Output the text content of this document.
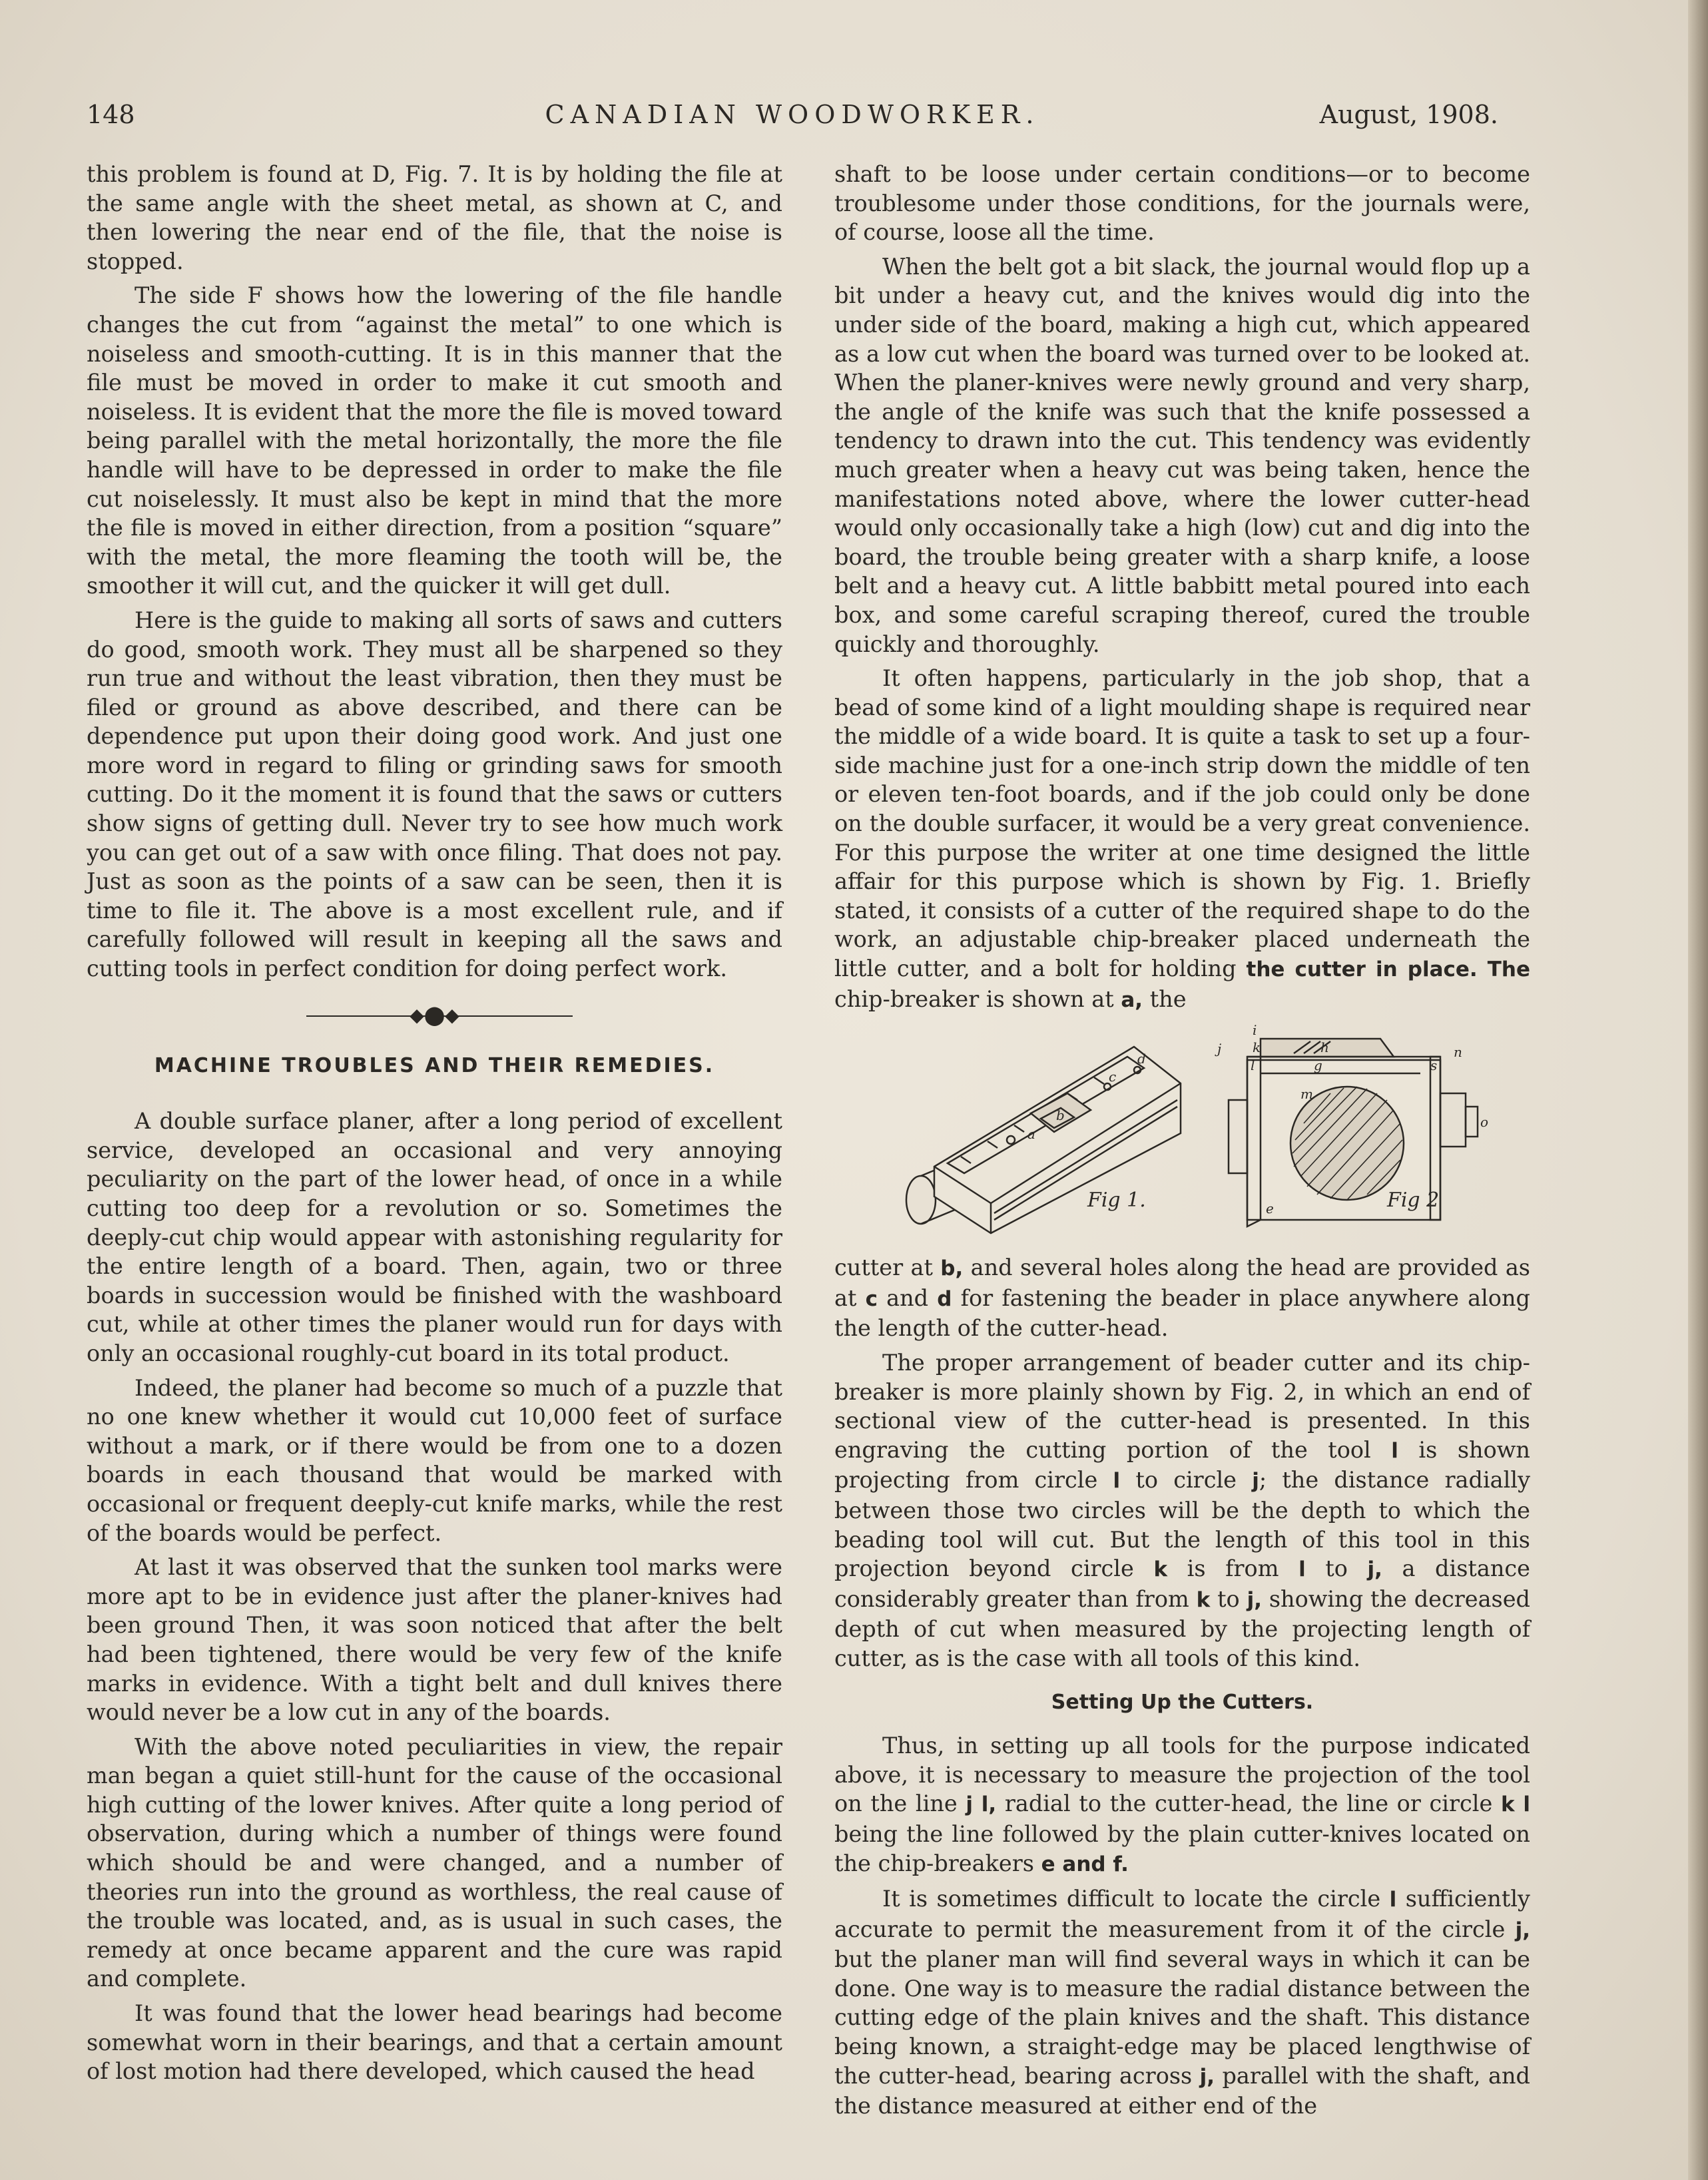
148	CANADIAN WOODWORKER.	August, 1908.

this problem is found at D, Fig. 7. It is by holding the file at the same angle with the sheet metal, as shown at C, and then lowering the near end of the file, that the noise is stopped.

The side F shows how the lowering of the file handle changes the cut from “against the metal” to one which is noiseless and smooth-cutting. It is in this manner that the file must be moved in order to make it cut smooth and noiseless. It is evident that the more the file is moved toward being parallel with the metal horizontally, the more the file handle will have to be depressed in order to make the file cut noiselessly. It must also be kept in mind that the more the file is moved in either direction, from a position “square” with the metal, the more fleaming the tooth will be, the smoother it will cut, and the quicker it will get dull.

Here is the guide to making all sorts of saws and cutters do good, smooth work. They must all be sharpened so they run true and without the least vibration, then they must be filed or ground as above described, and there can be dependence put upon their doing good work. And just one more word in regard to filing or grinding saws for smooth cutting. Do it the moment it is found that the saws or cutters show signs of getting dull. Never try to see how much work you can get out of a saw with once filing. That does not pay. Just as soon as the points of a saw can be seen, then it is time to file it. The above is a most excellent rule, and if carefully followed will result in keeping all the saws and cutting tools in perfect condition for doing perfect work.

◆⬤◆
MACHINE TROUBLES AND THEIR REMEDIES.

A double surface planer, after a long period of excellent service, developed an occasional and very annoying peculiarity on the part of the lower head, of once in a while cutting too deep for a revolution or so. Sometimes the deeply-cut chip would appear with astonishing regularity for the entire length of a board. Then, again, two or three boards in succession would be finished with the washboard cut, while at other times the planer would run for days with only an occasional roughly-cut board in its total product.

Indeed, the planer had become so much of a puzzle that no one knew whether it would cut 10,000 feet of surface without a mark, or if there would be from one to a dozen boards in each thousand that would be marked with occasional or frequent deeply-cut knife marks, while the rest of the boards would be perfect.

At last it was observed that the sunken tool marks were more apt to be in evidence just after the planer-knives had been ground Then, it was soon noticed that after the belt had been tightened, there would be very few of the knife marks in evidence. With a tight belt and dull knives there would never be a low cut in any of the boards.

With the above noted peculiarities in view, the repair man began a quiet still-hunt for the cause of the occasional high cutting of the lower knives. After quite a long period of observation, during which a number of things were found which should be and were changed, and a number of theories run into the ground as worthless, the real cause of the trouble was located, and, as is usual in such cases, the remedy at once became apparent and the cure was rapid and complete.

It was found that the lower head bearings had become somewhat worn in their bearings, and that a certain amount of lost motion had there developed, which caused the head

shaft to be loose under certain conditions—or to become troublesome under those conditions, for the journals were, of course, loose all the time.

When the belt got a bit slack, the journal would flop up a bit under a heavy cut, and the knives would dig into the under side of the board, making a high cut, which appeared as a low cut when the board was turned over to be looked at. When the planer-knives were newly ground and very sharp, the angle of the knife was such that the knife possessed a tendency to drawn into the cut. This tendency was evidently much greater when a heavy cut was being taken, hence the manifestations noted above, where the lower cutter-head would only occasionally take a high (low) cut and dig into the board, the trouble being greater with a sharp knife, a loose belt and a heavy cut. A little babbitt metal poured into each box, and some careful scraping thereof, cured the trouble quickly and thoroughly.

It often happens, particularly in the job shop, that a bead of some kind of a light moulding shape is required near the middle of a wide board. It is quite a task to set up a four-side machine just for a one-inch strip down the middle of ten or eleven ten-foot boards, and if the job could only be done on the double surfacer, it would be a very great convenience. For this purpose the writer at one time designed the little affair for this purpose which is shown by Fig. 1. Briefly stated, it consists of a cutter of the required shape to do the work, an adjustable chip-breaker placed underneath the little cutter, and a bolt for holding the cutter in place. The chip-breaker is shown at a, the

a
b
c
d
Fig 1.
i
j k	h
g
l
n
s
m
o
e	Fig 2

cutter at b, and several holes along the head are provided as at c and d for fastening the beader in place anywhere along the length of the cutter-head.

The proper arrangement of beader cutter and its chip-breaker is more plainly shown by Fig. 2, in which an end of sectional view of the cutter-head is presented. In this engraving the cutting portion of the tool l is shown projecting from circle l to circle j; the distance radially between those two circles will be the depth to which the beading tool will cut. But the length of this tool in this projection beyond circle k is from l to j, a distance considerably greater than from k to j, showing the decreased depth of cut when measured by the projecting length of cutter, as is the case with all tools of this kind.

Setting Up the Cutters.

Thus, in setting up all tools for the purpose indicated above, it is necessary to measure the projection of the tool on the line j l, radial to the cutter-head, the line or circle k l being the line followed by the plain cutter-knives located on the chip-breakers e and f.

It is sometimes difficult to locate the circle l sufficiently accurate to permit the measurement from it of the circle j, but the planer man will find several ways in which it can be done. One way is to measure the radial distance between the cutting edge of the plain knives and the shaft. This distance being known, a straight-edge may be placed lengthwise of the cutter-head, bearing across j, parallel with the shaft, and the distance measured at either end of the
